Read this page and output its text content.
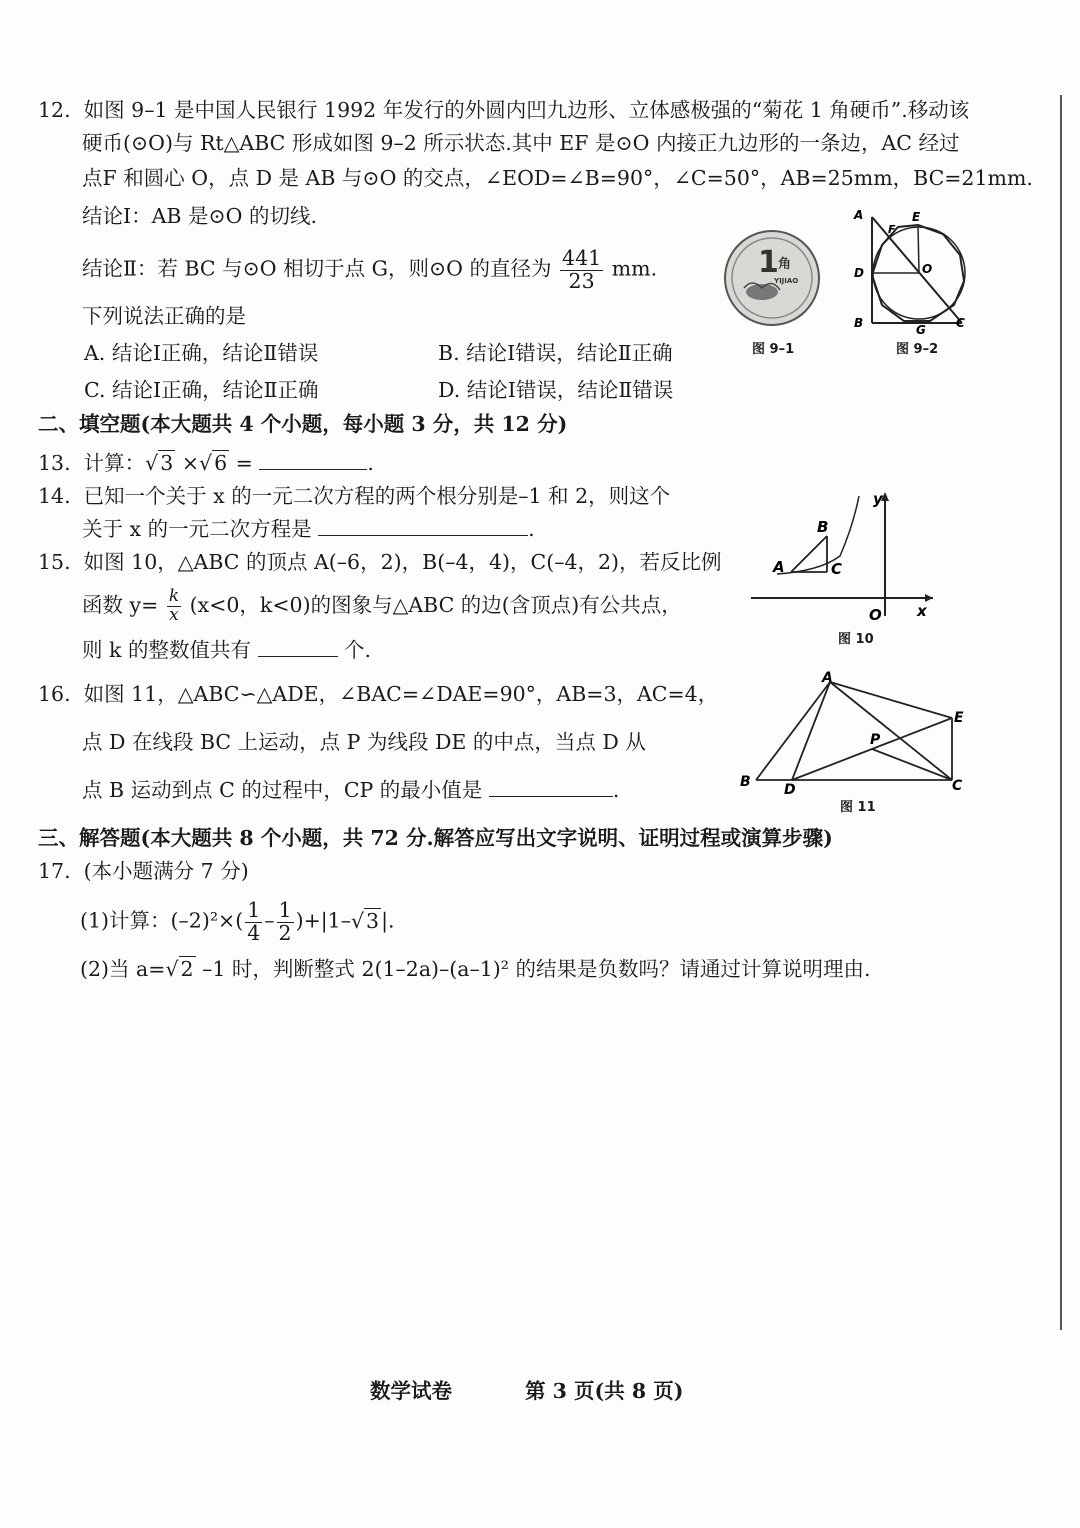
12. 如图 9–1 是中国人民银行 1992 年发行的外圆内凹九边形、立体感极强的“菊花 1 角硬币”.移动该
硬币(⊙O)与 Rt△ABC 形成如图 9–2 所示状态.其中 EF 是⊙O 内接正九边形的一条边，AC 经过
点F 和圆心 O，点 D 是 AB 与⊙O 的交点，∠EOD=∠B=90°，∠C=50°，AB=25mm，BC=21mm.
结论Ⅰ：AB 是⊙O 的切线.
结论Ⅱ：若 BC 与⊙O 相切于点 G，则⊙O 的直径为 $\frac{441}{23}$ mm.
下列说法正确的是
A. 结论Ⅰ正确，结论Ⅱ错误	B. 结论Ⅰ错误，结论Ⅱ正确
C. 结论Ⅰ正确，结论Ⅱ正确	D. 结论Ⅰ错误，结论Ⅱ错误
1 角
YIJIAO
图 9–1
A	E
F
D	O
B	G	C
图 9–2
二、填空题(本大题共 4 个小题，每小题 3 分，共 12 分)
13. 计算：√3 ×√6 =	.
14. 已知一个关于 x 的一元二次方程的两个根分别是–1 和 2，则这个
关于 x 的一元二次方程是	.
15. 如图 10，△ABC 的顶点 A(–6，2)，B(–4，4)，C(–4，2)，若反比例
函数 $y= \frac{k}{x} (x<0$，k<0)的图象与△ABC 的边(含顶点)有公共点，
则 k 的整数值共有	个.
y
x
O
A
B
C
图 10
16. 如图 11，△ABC∽△ADE，∠BAC=∠DAE=90°，AB=3，AC=4，
点 D 在线段 BC 上运动，点 P 为线段 DE 的中点，当点 D 从
点 B 运动到点 C 的过程中，CP 的最小值是	.
A
E
P
B D	C
图 11
三、解答题(本大题共 8 个小题，共 72 分.解答应写出文字说明、证明过程或演算步骤)
17. (本小题满分 7 分)
(1)计算：$(-2)^2\times( \frac{1}{4} - \frac{1}{2} )+|1-√3|$.
(2)当 a=√2 –1 时，判断整式 2(1–2a)–(a–1)² 的结果是负数吗？请通过计算说明理由.
数学试卷	第 3 页(共 8 页)
